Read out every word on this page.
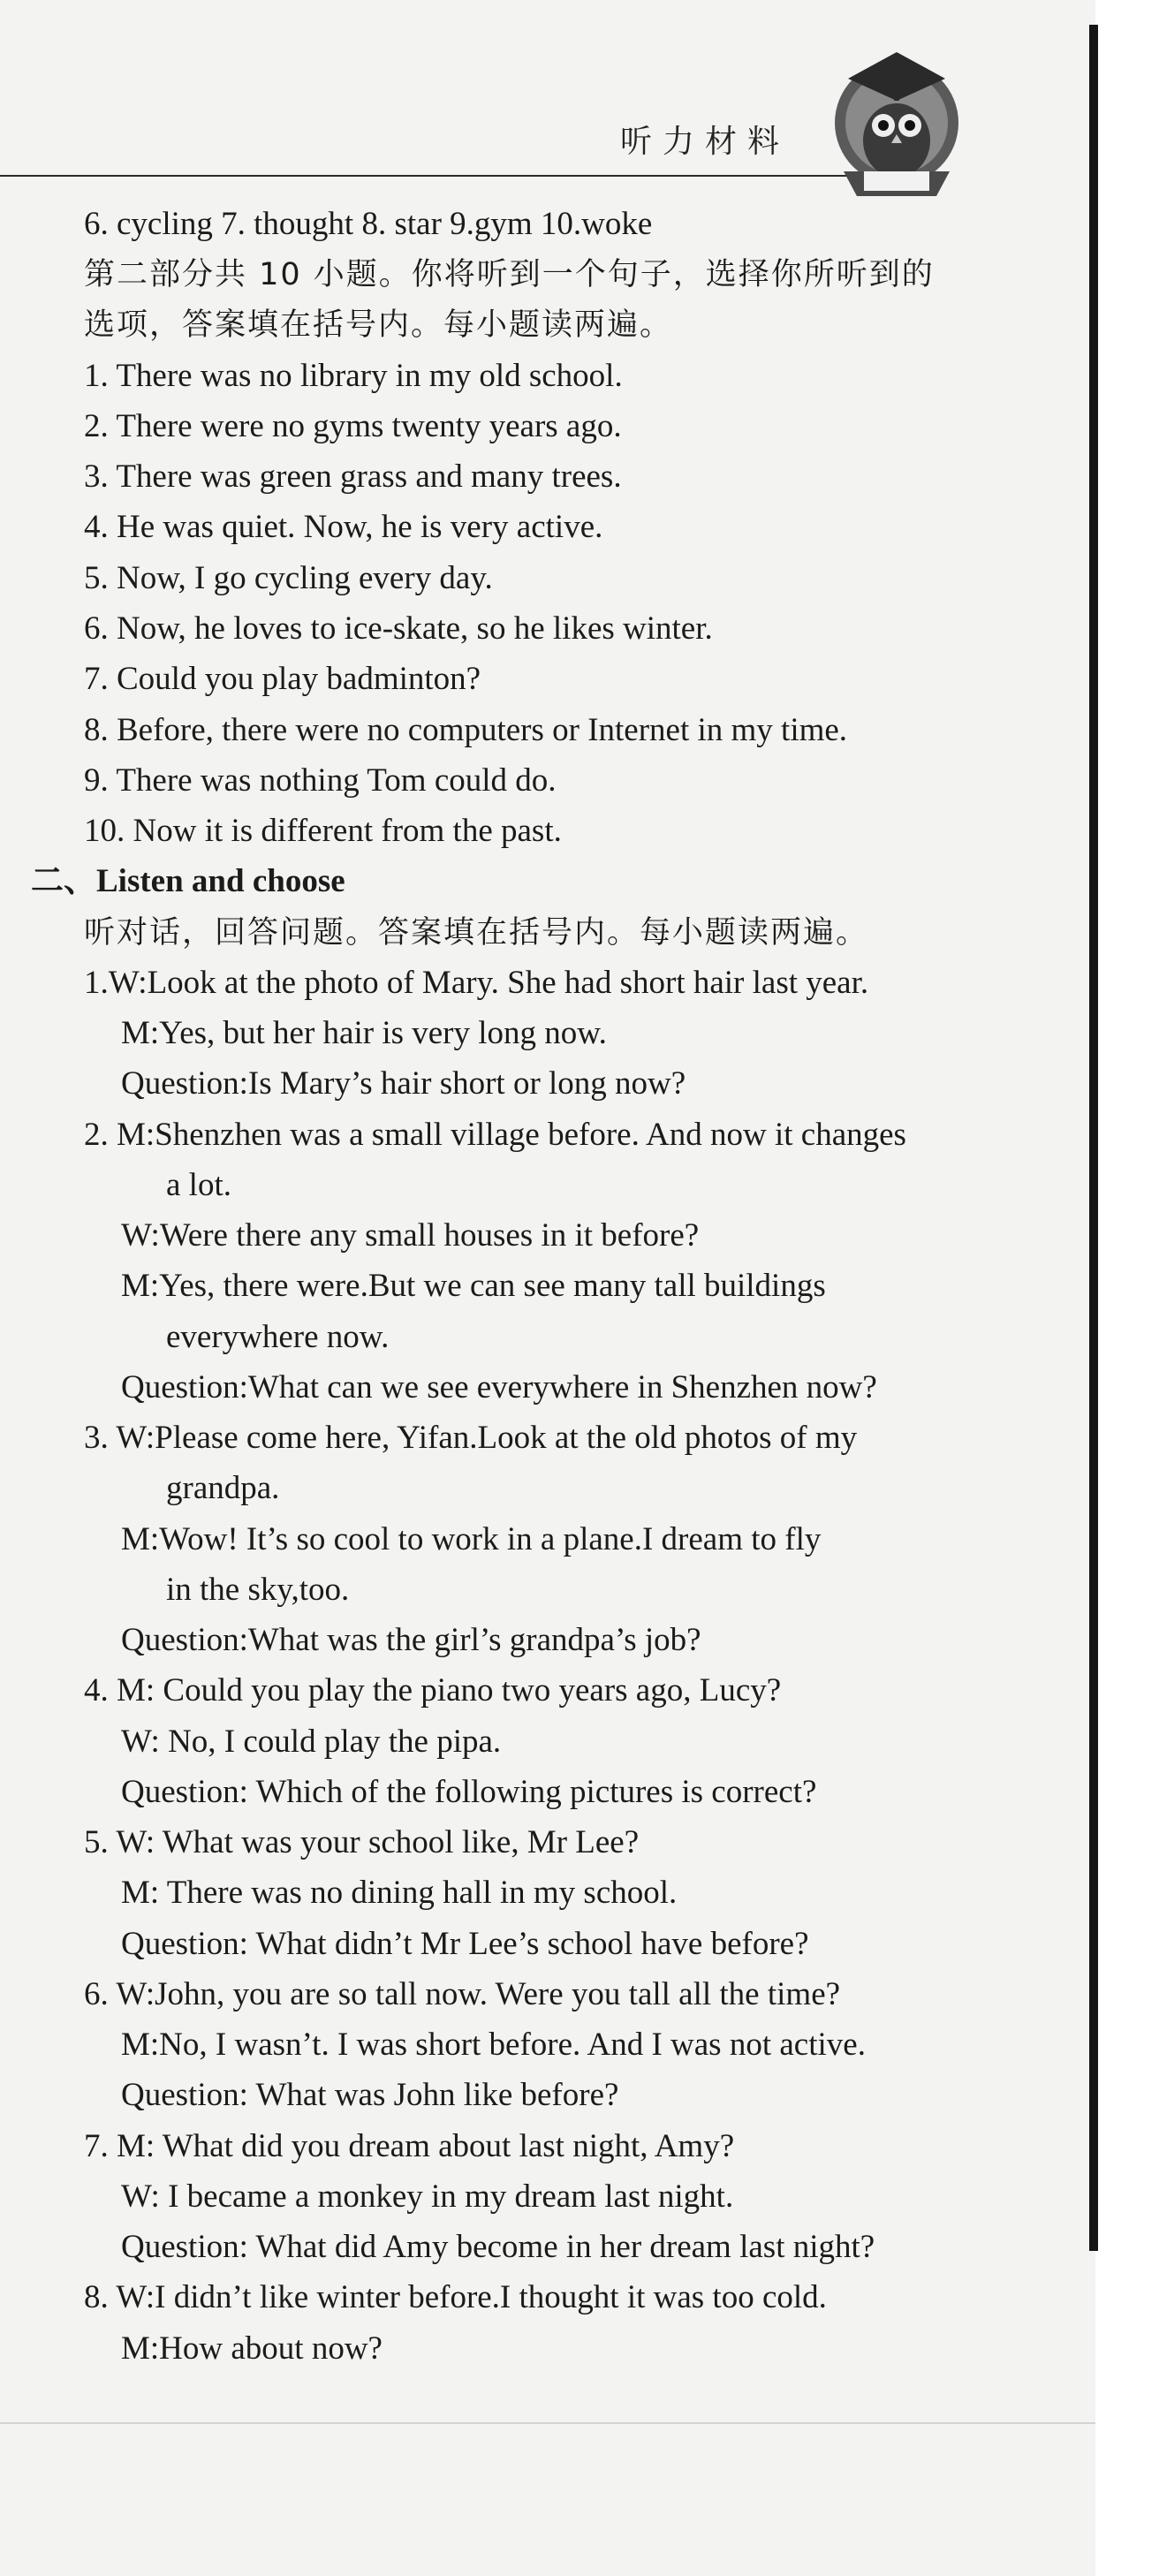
听力材料
6. cycling 7. thought 8. star 9.gym 10.woke
第二部分共 10 小题。你将听到一个句子，选择你所听到的
选项，答案填在括号内。每小题读两遍。
1. There was no library in my old school.
2. There were no gyms twenty years ago.
3. There was green grass and many trees.
4. He was quiet. Now, he is very active.
5. Now, I go cycling every day.
6. Now, he loves to ice-skate, so he likes winter.
7. Could you play badminton?
8. Before, there were no computers or Internet in my time.
9. There was nothing Tom could do.
10. Now it is different from the past.
二、Listen and choose
听对话，回答问题。答案填在括号内。每小题读两遍。
1.W:Look at the photo of Mary. She had short hair last year.
M:Yes, but her hair is very long now.
Question:Is Mary’s hair short or long now?
2. M:Shenzhen was a small village before. And now it changes
a lot.
W:Were there any small houses in it before?
M:Yes, there were.But we can see many tall buildings
everywhere now.
Question:What can we see everywhere in Shenzhen now?
3. W:Please come here, Yifan.Look at the old photos of my
grandpa.
M:Wow! It’s so cool to work in a plane.I dream to fly
in the sky,too.
Question:What was the girl’s grandpa’s job?
4. M: Could you play the piano two years ago, Lucy?
W: No, I could play the pipa.
Question: Which of the following pictures is correct?
5. W: What was your school like, Mr Lee?
M: There was no dining hall in my school.
Question: What didn’t Mr Lee’s school have before?
6. W:John, you are so tall now. Were you tall all the time?
M:No, I wasn’t. I was short before. And I was not active.
Question: What was John like before?
7. M: What did you dream about last night, Amy?
W: I became a monkey in my dream last night.
Question: What did Amy become in her dream last night?
8. W:I didn’t like winter before.I thought it was too cold.
M:How about now?
